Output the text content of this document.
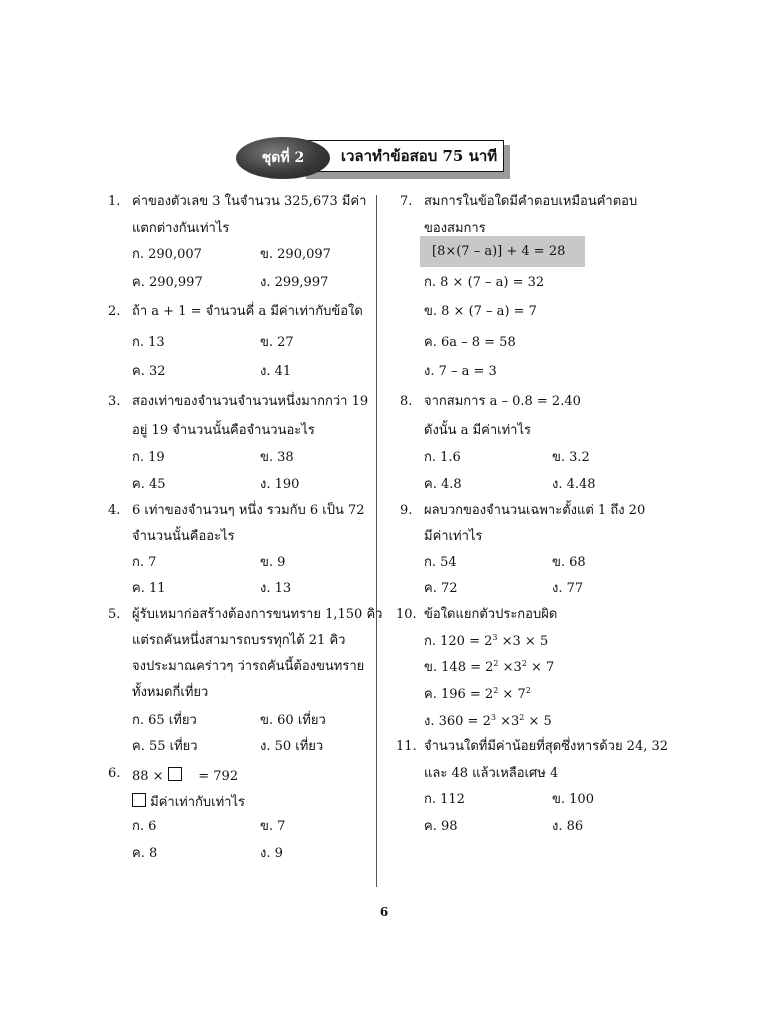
เวลาทำข้อสอบ 75 นาที
ชุดที่ 2
1. ค่าของตัวเลข 3 ในจำนวน 325,673 มีค่า
แตกต่างกันเท่าไร
ก. 290,007	ข. 290,097
ค. 290,997	ง. 299,997
2. ถ้า a + 1 = จำนวนคี่ a มีค่าเท่ากับข้อใด
ก. 13	ข. 27
ค. 32	ง. 41
3. สองเท่าของจำนวนจำนวนหนึ่งมากกว่า 19
อยู่ 19 จำนวนนั้นคือจำนวนอะไร
ก. 19	ข. 38
ค. 45	ง. 190
4. 6 เท่าของจำนวนๆ หนึ่ง รวมกับ 6 เป็น 72
จำนวนนั้นคืออะไร
ก. 7	ข. 9
ค. 11	ง. 13
5. ผู้รับเหมาก่อสร้างต้องการขนทราย 1,150 คิว
แต่รถคันหนึ่งสามารถบรรทุกได้ 21 คิว
จงประมาณคร่าวๆ ว่ารถคันนี้ต้องขนทราย
ทั้งหมดกี่เที่ยว
ก. 65 เที่ยว	ข. 60 เที่ยว
ค. 55 เที่ยว	ง. 50 เที่ยว
6. 88 ×	= 792
มีค่าเท่ากับเท่าไร
ก. 6	ข. 7
ค. 8	ง. 9
7. สมการในข้อใดมีคำตอบเหมือนคำตอบ
ของสมการ
[8×(7 – a)] + 4 = 28
ก. 8 × (7 – a) = 32
ข. 8 × (7 – a) = 7
ค. 6a – 8 = 58
ง. 7 – a = 3
8. จากสมการ a – 0.8 = 2.40
ดังนั้น a มีค่าเท่าไร
ก. 1.6	ข. 3.2
ค. 4.8	ง. 4.48
9. ผลบวกของจำนวนเฉพาะตั้งแต่ 1 ถึง 20
มีค่าเท่าไร
ก. 54	ข. 68
ค. 72	ง. 77
10. ข้อใดแยกตัวประกอบผิด
ก. $120 = 2^3 \times 3 \times 5$
ข. $148 = 2^2 \times 3^2 \times 7$
ค. $196 = 2^2 \times 7^2$
ง. $360 = 2^3 \times 3^2 \times 5$
11. จำนวนใดที่มีค่าน้อยที่สุดซึ่งหารด้วย 24, 32
และ 48 แล้วเหลือเศษ 4
ก. 112	ข. 100
ค. 98	ง. 86
6
